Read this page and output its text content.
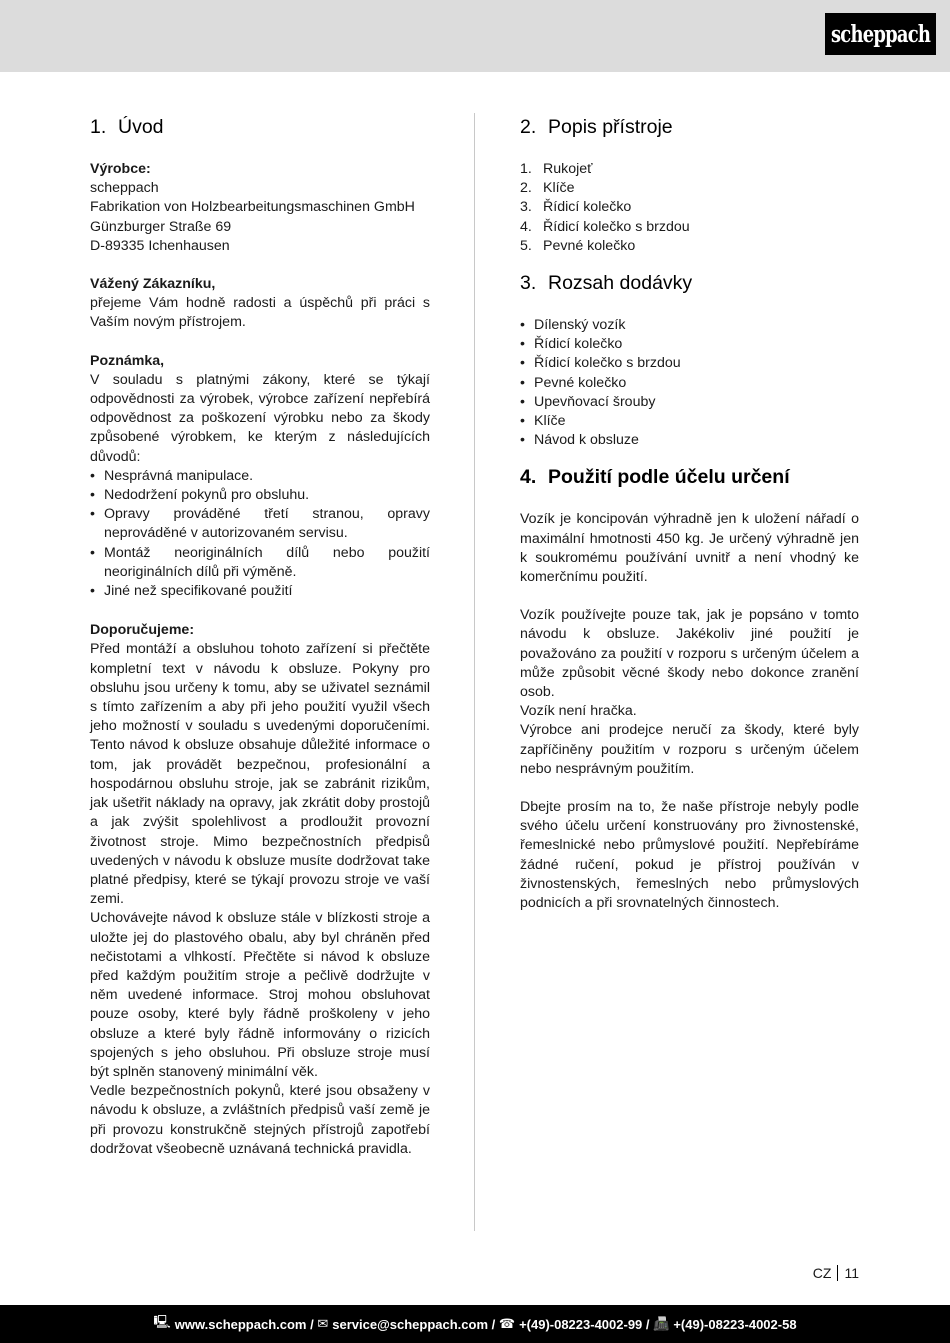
scheppach
1. Úvod
Výrobce:
scheppach
Fabrikation von Holzbearbeitungsmaschinen GmbH
Günzburger Straße 69
D-89335 Ichenhausen
Vážený Zákazníku,

přejeme Vám hodně radosti a úspěchů při práci s Vaším novým přístrojem.

Poznámka,

V souladu s platnými zákony, které se týkají odpovědnosti za výrobek, výrobce zařízení nepřebírá odpovědnost za poškození výrobku nebo za škody způsobené výrobkem, ke kterým z následujících důvodů:

• Nesprávná manipulace.
• Nedodržení pokynů pro obsluhu.
• Opravy prováděné třetí stranou, opravy neprováděné v autorizovaném servisu.
• Montáž neoriginálních dílů nebo použití neoriginálních dílů při výměně.
• Jiné než specifikované použití
Doporučujeme:

Před montáží a obsluhou tohoto zařízení si přečtěte kompletní text v návodu k obsluze. Pokyny pro obsluhu jsou určeny k tomu, aby se uživatel seznámil s tímto zařízením a aby při jeho použití využil všech jeho možností v souladu s uvedenými doporučeními. Tento návod k obsluze obsahuje důležité informace o tom, jak provádět bezpečnou, profesionální a hospodárnou obsluhu stroje, jak se zabránit rizikům, jak ušetřit náklady na opravy, jak zkrátit doby prostojů a jak zvýšit spolehlivost a prodloužit provozní životnost stroje. Mimo bezpečnostních předpisů uvedených v návodu k obsluze musíte dodržovat take platné předpisy, které se týkají provozu stroje ve vaší zemi.

Uchovávejte návod k obsluze stále v blízkosti stroje a uložte jej do plastového obalu, aby byl chráněn před nečistotami a vlhkostí. Přečtěte si návod k obsluze před každým použitím stroje a pečlivě dodržujte v něm uvedené informace. Stroj mohou obsluhovat pouze osoby, které byly řádně proškoleny v jeho obsluze a které byly řádně informovány o rizicích spojených s jeho obsluhou. Při obsluze stroje musí být splněn stanovený minimální věk.

Vedle bezpečnostních pokynů, které jsou obsaženy v návodu k obsluze, a zvláštních předpisů vaší země je při provozu konstrukčně stejných přístrojů zapotřebí dodržovat všeobecně uznávaná technická pravidla.

2. Popis přístroje
1. Rukojeť
2. Klíče
3. Řídicí kolečko
4. Řídicí kolečko s brzdou
5. Pevné kolečko
3. Rozsah dodávky
• Dílenský vozík
• Řídicí kolečko
• Řídicí kolečko s brzdou
• Pevné kolečko
• Upevňovací šrouby
• Klíče
• Návod k obsluze
4. Použití podle účelu určení

Vozík je koncipován výhradně jen k uložení nářadí o maximální hmotnosti 450 kg. Je určený výhradně jen k soukromému používání uvnitř a není vhodný ke komerčnímu použití.

Vozík používejte pouze tak, jak je popsáno v tomto návodu k obsluze. Jakékoliv jiné použití je považováno za použití v rozporu s určeným účelem a může způsobit věcné škody nebo dokonce zranění osob.

Vozík není hračka.

Výrobce ani prodejce neručí za škody, které byly zapříčiněny použitím v rozporu s určeným účelem nebo nesprávným použitím.

Dbejte prosím na to, že naše přístroje nebyly podle svého účelu určení konstruovány pro živnostenské, řemeslnické nebo průmyslové použití. Nepřebíráme žádné ručení, pokud je přístroj používán v živnostenských, řemeslných nebo průmyslových podnicích a při srovnatelných činnostech.

CZ 11
🖳 www.scheppach.com / ✉ service@scheppach.com / ☎ +(49)-08223-4002-99 / 📠 +(49)-08223-4002-58
